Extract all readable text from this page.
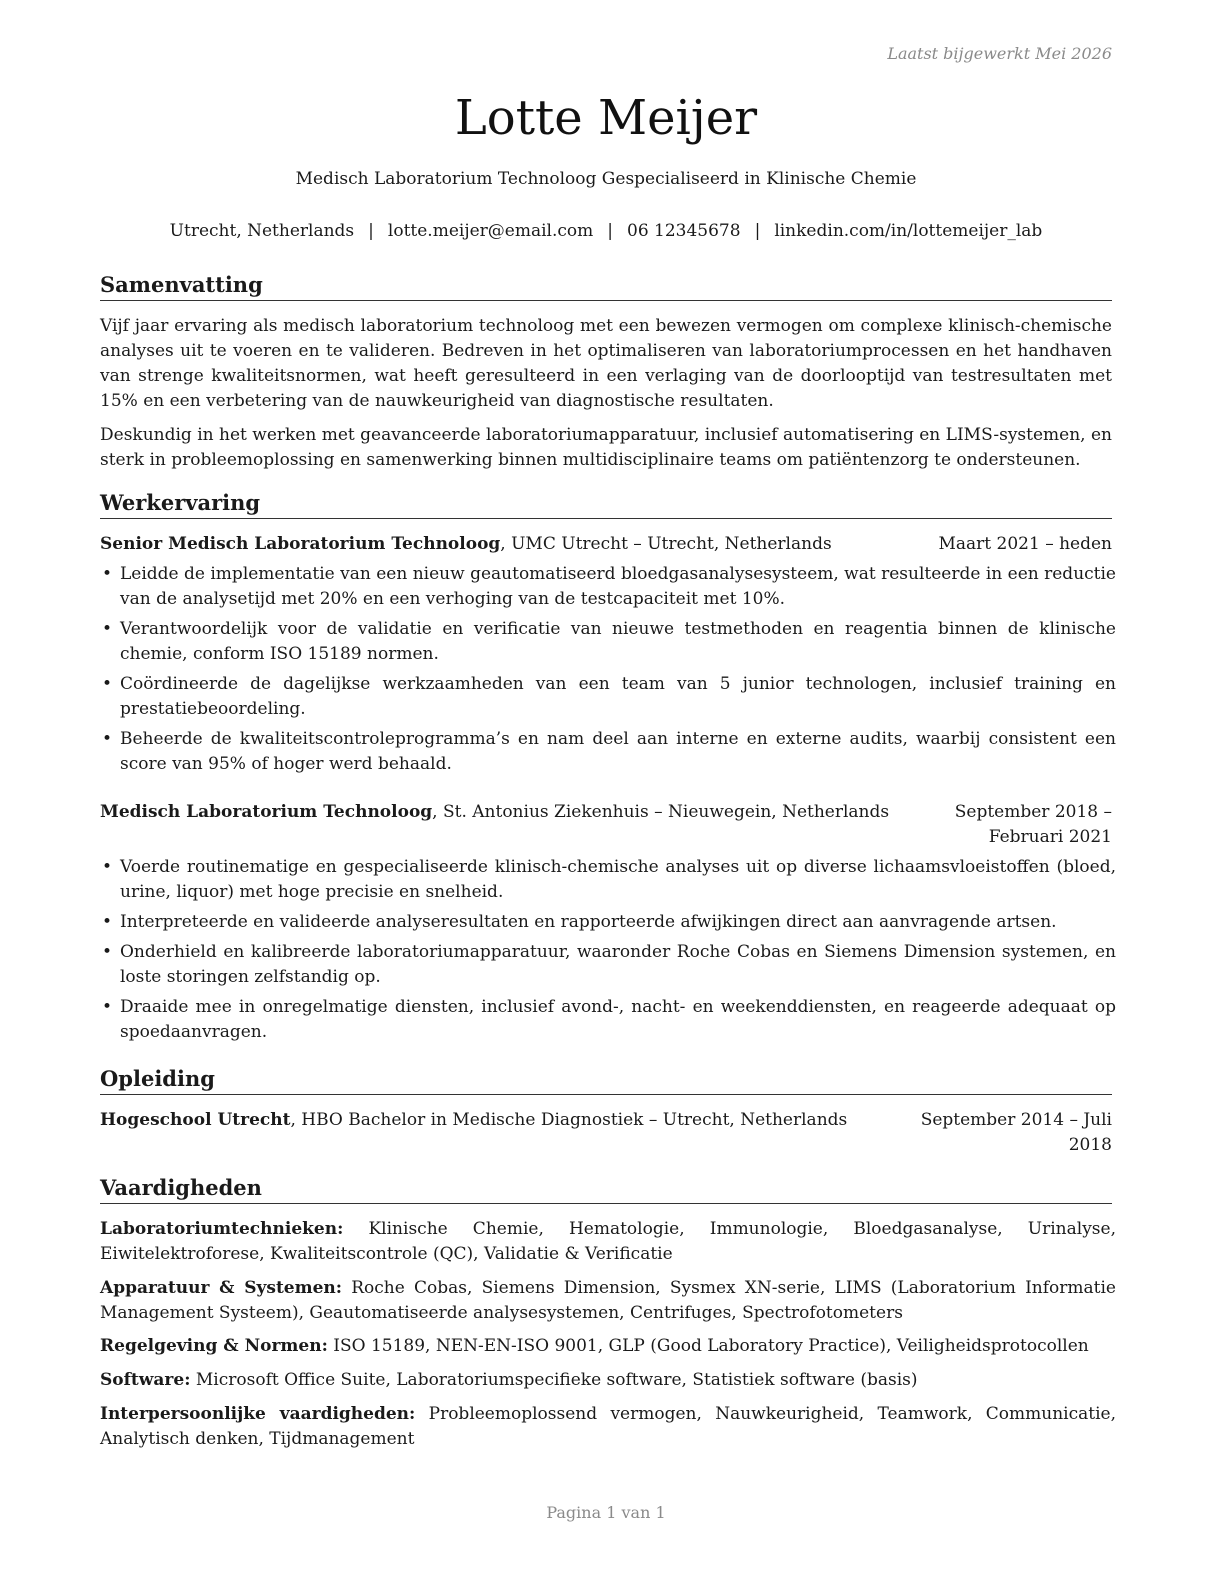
Laatst bijgewerkt Mei 2026
Lotte Meijer
Medisch Laboratorium Technoloog Gespecialiseerd in Klinische Chemie
Utrecht, Netherlands | lotte.meijer@email.com | 06 12345678 | linkedin.com/in/lottemeijer_lab
Samenvatting

Vijf jaar ervaring als medisch laboratorium technoloog met een bewezen vermogen om complexe klinisch-chemische analyses uit te voeren en te valideren. Bedreven in het optimaliseren van laboratoriumprocessen en het handhaven van strenge kwaliteitsnormen, wat heeft geresulteerd in een verlaging van de doorlooptijd van testresultaten met 15% en een verbetering van de nauwkeurigheid van diagnostische resultaten.

Deskundig in het werken met geavanceerde laboratoriumapparatuur, inclusief automatisering en LIMS-systemen, en sterk in probleemoplossing en samenwerking binnen multidisciplinaire teams om patiëntenzorg te ondersteunen.

Werkervaring
Senior Medisch Laboratorium Technoloog, UMC Utrecht – Utrecht, Netherlands	Maart 2021 – heden
• Leidde de implementatie van een nieuw geautomatiseerd bloedgasanalysesysteem, wat resulteerde in een reductie van de analysetijd met 20% en een verhoging van de testcapaciteit met 10%.
• Verantwoordelijk voor de validatie en verificatie van nieuwe testmethoden en reagentia binnen de klinische chemie, conform ISO 15189 normen.
• Coördineerde de dagelijkse werkzaamheden van een team van 5 junior technologen, inclusief training en prestatiebeoordeling.
• Beheerde de kwaliteitscontroleprogramma’s en nam deel aan interne en externe audits, waarbij consistent een score van 95% of hoger werd behaald.
Medisch Laboratorium Technoloog, St. Antonius Ziekenhuis – Nieuwegein, Netherlands	September 2018 – Februari 2021
• Voerde routinematige en gespecialiseerde klinisch-chemische analyses uit op diverse lichaamsvloeistoffen (bloed, urine, liquor) met hoge precisie en snelheid.
• Interpreteerde en valideerde analyseresultaten en rapporteerde afwijkingen direct aan aanvragende artsen.
• Onderhield en kalibreerde laboratoriumapparatuur, waaronder Roche Cobas en Siemens Dimension systemen, en loste storingen zelfstandig op.
• Draaide mee in onregelmatige diensten, inclusief avond-, nacht- en weekenddiensten, en reageerde adequaat op spoedaanvragen.
Opleiding
Hogeschool Utrecht, HBO Bachelor in Medische Diagnostiek – Utrecht, Netherlands	September 2014 – Juli 2018
Vaardigheden

Laboratoriumtechnieken: Klinische Chemie, Hematologie, Immunologie, Bloedgasanalyse, Urinalyse, Eiwitelektroforese, Kwaliteitscontrole (QC), Validatie & Verificatie

Apparatuur & Systemen: Roche Cobas, Siemens Dimension, Sysmex XN-serie, LIMS (Laboratorium Informatie Management Systeem), Geautomatiseerde analysesystemen, Centrifuges, Spectrofotometers

Regelgeving & Normen: ISO 15189, NEN-EN-ISO 9001, GLP (Good Laboratory Practice), Veiligheidsprotocollen

Software: Microsoft Office Suite, Laboratoriumspecifieke software, Statistiek software (basis)

Interpersoonlijke vaardigheden: Probleemoplossend vermogen, Nauwkeurigheid, Teamwork, Communicatie, Analytisch denken, Tijdmanagement

Pagina 1 van 1
